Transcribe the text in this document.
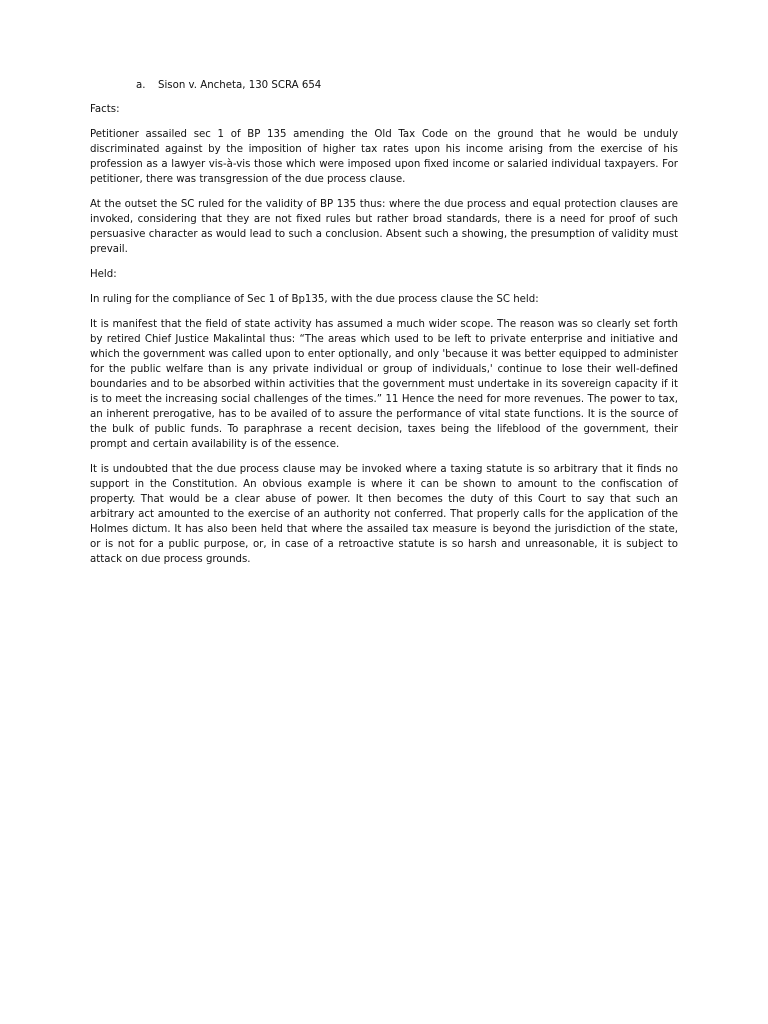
a.	Sison v. Ancheta, 130 SCRA 654
Facts:

Petitioner assailed sec 1 of BP 135 amending the Old Tax Code on the ground that he would be unduly discriminated against by the imposition of higher tax rates upon his income arising from the exercise of his profession as a lawyer vis-à-vis those which were imposed upon fixed income or salaried individual taxpayers. For petitioner, there was transgression of the due process clause.

At the outset the SC ruled for the validity of BP 135 thus: where the due process and equal protection clauses are invoked, considering that they are not fixed rules but rather broad standards, there is a need for proof of such persuasive character as would lead to such a conclusion. Absent such a showing, the presumption of validity must prevail.

Held:

In ruling for the compliance of Sec 1 of Bp135, with the due process clause the SC held:

It is manifest that the field of state activity has assumed a much wider scope. The reason was so clearly set forth by retired Chief Justice Makalintal thus: “The areas which used to be left to private enterprise and initiative and which the government was called upon to enter optionally, and only 'because it was better equipped to administer for the public welfare than is any private individual or group of individuals,' continue to lose their well-defined boundaries and to be absorbed within activities that the government must undertake in its sovereign capacity if it is to meet the increasing social challenges of the times.” 11 Hence the need for more revenues. The power to tax, an inherent prerogative, has to be availed of to assure the performance of vital state functions. It is the source of the bulk of public funds. To paraphrase a recent decision, taxes being the lifeblood of the government, their prompt and certain availability is of the essence.

It is undoubted that the due process clause may be invoked where a taxing statute is so arbitrary that it finds no support in the Constitution. An obvious example is where it can be shown to amount to the confiscation of property. That would be a clear abuse of power. It then becomes the duty of this Court to say that such an arbitrary act amounted to the exercise of an authority not conferred. That properly calls for the application of the Holmes dictum. It has also been held that where the assailed tax measure is beyond the jurisdiction of the state, or is not for a public purpose, or, in case of a retroactive statute is so harsh and unreasonable, it is subject to attack on due process grounds.
